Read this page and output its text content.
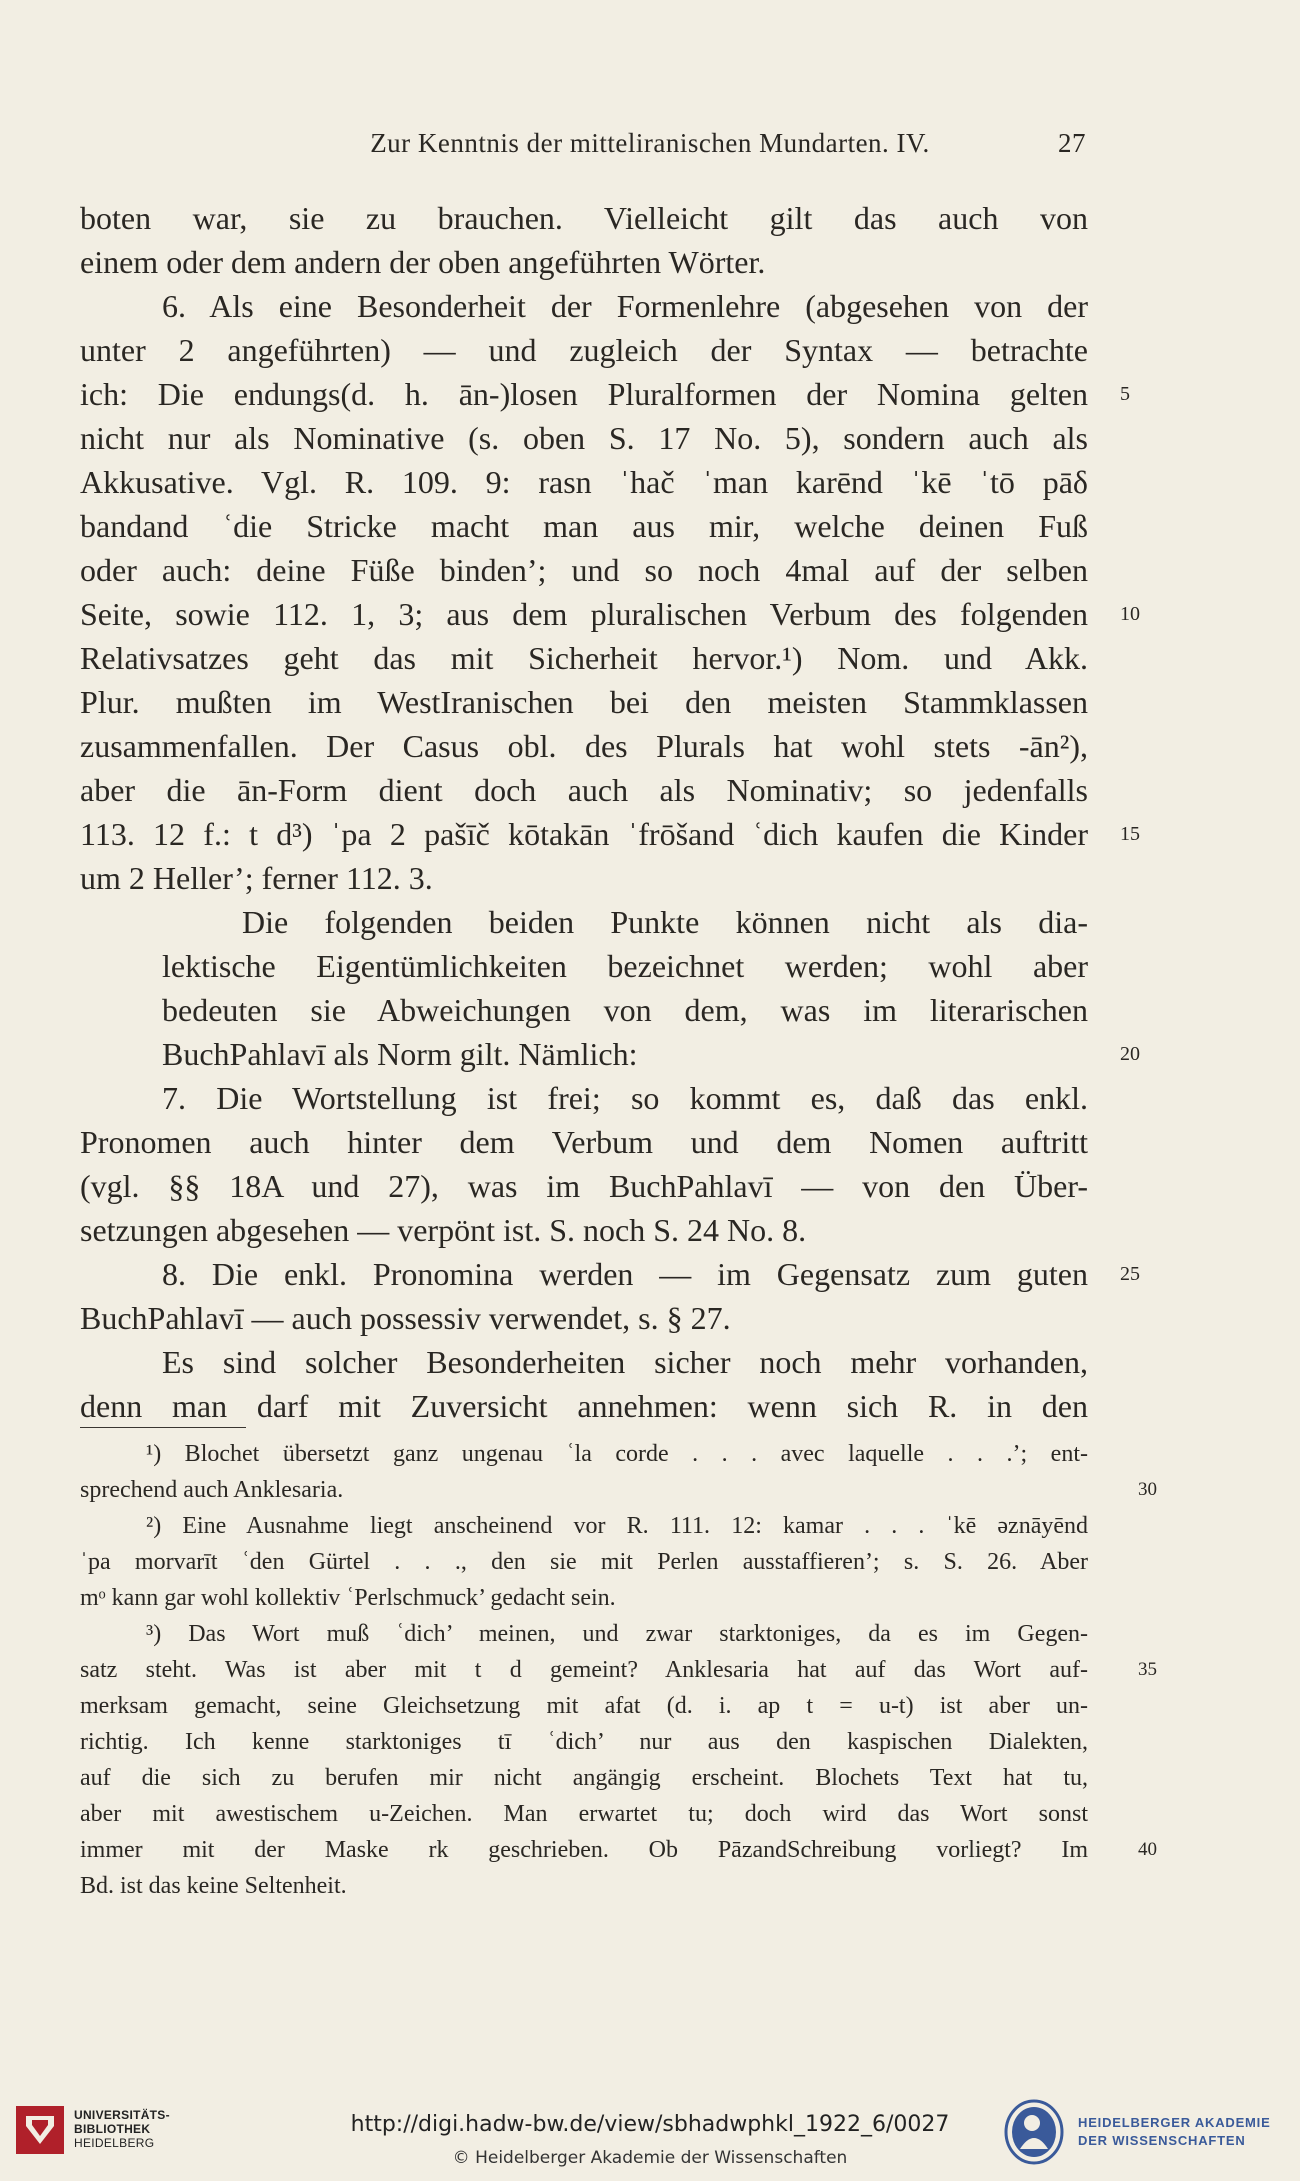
Zur Kenntnis der mitteliranischen Mundarten. IV.	27
boten war, sie zu brauchen. Vielleicht gilt das auch von
einem oder dem andern der oben angeführten Wörter.
6. Als eine Besonderheit der Formenlehre (abgesehen von der
unter 2 angeführten) — und zugleich der Syntax — betrachte
ich: Die endungs(d. h. ān-)losen Pluralformen der Nomina gelten 5
nicht nur als Nominative (s. oben S. 17 No. 5), sondern auch als
Akkusative. Vgl. R. 109. 9: rasn ˈhač ˈman karēnd ˈkē ˈtō pāδ
bandand ʿdie Stricke macht man aus mir, welche deinen Fuß
oder auch: deine Füße binden’; und so noch 4mal auf der selben
Seite, sowie 112. 1, 3; aus dem pluralischen Verbum des folgenden 10
Relativsatzes geht das mit Sicherheit hervor.¹) Nom. und Akk.
Plur. mußten im WestIranischen bei den meisten Stammklassen
zusammenfallen. Der Casus obl. des Plurals hat wohl stets -ān²),
aber die ān-Form dient doch auch als Nominativ; so jedenfalls
113. 12 f.: t d³) ˈpa 2 pašīč kōtakān ˈfrōšand ʿdich kaufen die Kinder 15
um 2 Heller’; ferner 112. 3.
Die folgenden beiden Punkte können nicht als dia-
lektische Eigentümlichkeiten bezeichnet werden; wohl aber
bedeuten sie Abweichungen von dem, was im literarischen
BuchPahlavī als Norm gilt. Nämlich:	20
7. Die Wortstellung ist frei; so kommt es, daß das enkl.
Pronomen auch hinter dem Verbum und dem Nomen auftritt
(vgl. §§ 18A und 27), was im BuchPahlavī — von den Über-
setzungen abgesehen — verpönt ist. S. noch S. 24 No. 8.
8. Die enkl. Pronomina werden — im Gegensatz zum guten 25
BuchPahlavī — auch possessiv verwendet, s. § 27.
Es sind solcher Besonderheiten sicher noch mehr vorhanden,
denn man darf mit Zuversicht annehmen: wenn sich R. in den
¹) Blochet übersetzt ganz ungenau ʿla corde . . . avec laquelle . . .’; ent-
sprechend auch Anklesaria.	30
²) Eine Ausnahme liegt anscheinend vor R. 111. 12: kamar . . . ˈkē əznāyēnd
ˈpa morvarīt ʿden Gürtel . . ., den sie mit Perlen ausstaffieren’; s. S. 26. Aber
mᵒ kann gar wohl kollektiv ʿPerlschmuck’ gedacht sein.
³) Das Wort muß ʿdich’ meinen, und zwar starktoniges, da es im Gegen-
satz steht. Was ist aber mit t d gemeint? Anklesaria hat auf das Wort auf-	35
merksam gemacht, seine Gleichsetzung mit afat (d. i. ap t = u-t) ist aber un-
richtig. Ich kenne starktoniges tī ʿdich’ nur aus den kaspischen Dialekten,
auf die sich zu berufen mir nicht angängig erscheint. Blochets Text hat tu,
aber mit awestischem u-Zeichen. Man erwartet tu; doch wird das Wort sonst
immer mit der Maske rk geschrieben. Ob PāzandSchreibung vorliegt? Im	40
Bd. ist das keine Seltenheit.
UNIVERSITÄTS-
BIBLIOTHEK
HEIDELBERG
http://digi.hadw-bw.de/view/sbhadwphkl_1922_6/0027
© Heidelberger Akademie der Wissenschaften
HEIDELBERGER AKADEMIE
DER WISSENSCHAFTEN
